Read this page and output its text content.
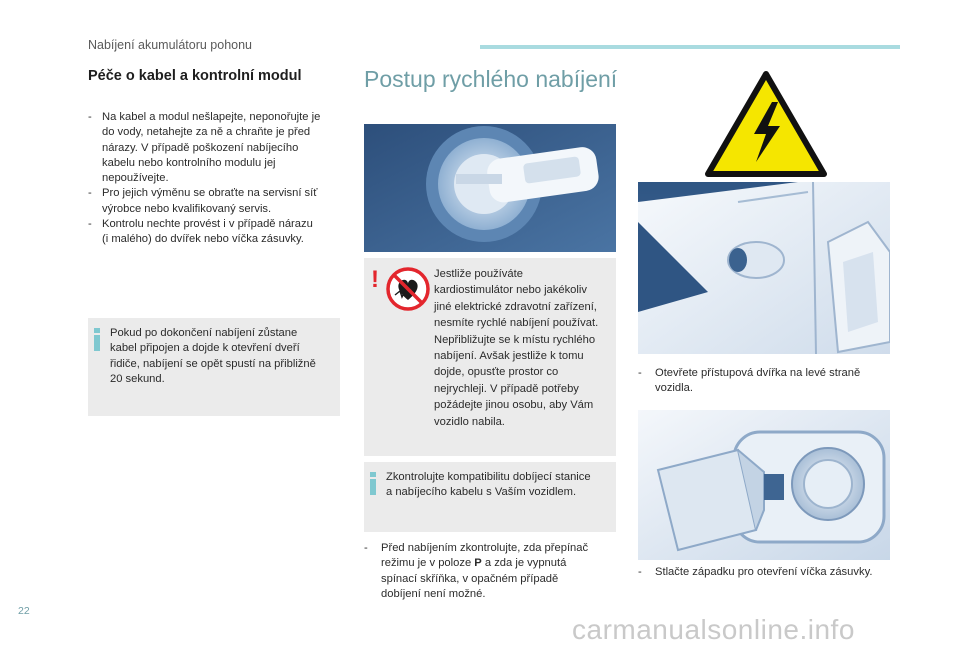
Nabíjení akumulátoru pohonu
Péče o kabel a kontrolní modul
- Na kabel a modul nešlapejte, neponořujte je
do vody, netahejte za ně a chraňte je před
nárazy. V případě poškození nabíjecího
kabelu nebo kontrolního modulu jej
nepoužívejte.
- Pro jejich výměnu se obraťte na servisní síť
výrobce nebo kvalifikovaný servis.
- Kontrolu nechte provést i v případě nárazu
(i malého) do dvířek nebo víčka zásuvky.
Pokud po dokončení nabíjení zůstane
kabel připojen a dojde k otevření dveří
řidiče, nabíjení se opět spustí na přibližně
20 sekund.
Postup rychlého nabíjení
!	Jestliže používáte
kardiostimulátor nebo jakékoliv
jiné elektrické zdravotní zařízení,
nesmíte rychlé nabíjení používat.
Nepřibližujte se k místu rychlého
nabíjení. Avšak jestliže k tomu
dojde, opusťte prostor co
nejrychleji. V případě potřeby
požádejte jinou osobu, aby Vám
vozidlo nabila.
Zkontrolujte kompatibilitu dobíjecí stanice
a nabíjecího kabelu s Vaším vozidlem.
- Před nabíjením zkontrolujte, zda přepínač
režimu je v poloze P a zda je vypnutá
spínací skříňka, v opačném případě
dobíjení není možné.
- Otevřete přístupová dvířka na levé straně
vozidla.
- Stlačte západku pro otevření víčka zásuvky.
22
carmanualsonline.info
